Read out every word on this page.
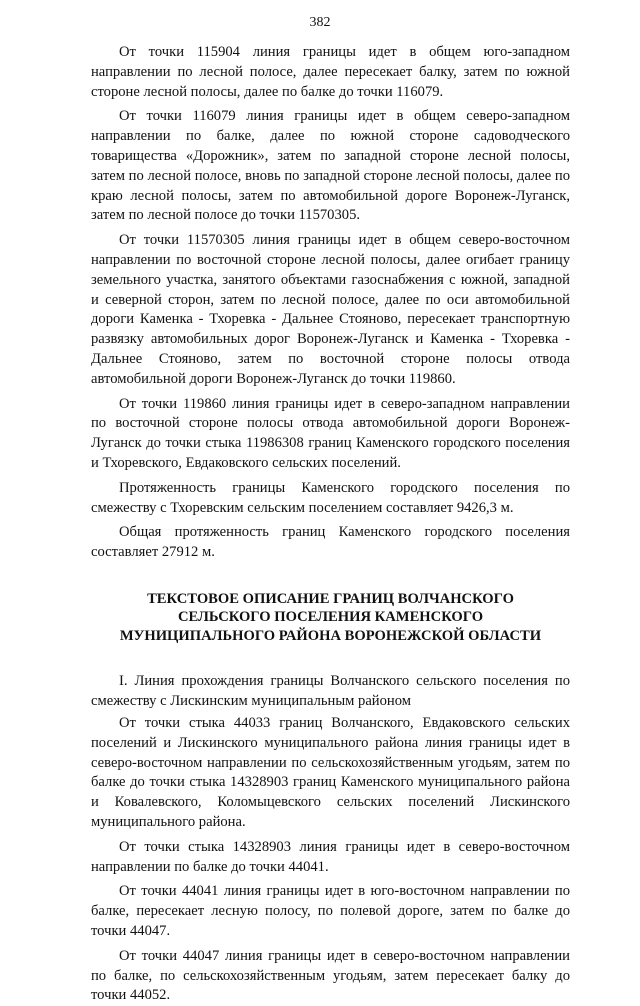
382

От точки 115904 линия границы идет в общем юго-западном направлении по лесной полосе, далее пересекает балку, затем по южной стороне лесной полосы, далее по балке до точки 116079.

От точки 116079 линия границы идет в общем северо-западном направлении по балке, далее по южной стороне садоводческого товарищества «Дорожник», затем по западной стороне лесной полосы, затем по лесной полосе, вновь по западной стороне лесной полосы, далее по краю лесной полосы, затем по автомобильной дороге Воронеж-Луганск, затем по лесной полосе до точки 11570305.

От точки 11570305 линия границы идет в общем северо-восточном направлении по восточной стороне лесной полосы, далее огибает границу земельного участка, занятого объектами газоснабжения с южной, западной и северной сторон, затем по лесной полосе, далее по оси автомобильной дороги Каменка - Тхоревка - Дальнее Стояново, пересекает транспортную развязку автомобильных дорог Воронеж-Луганск и Каменка - Тхоревка - Дальнее Стояново, затем по восточной стороне полосы отвода автомобильной дороги Воронеж-Луганск до точки 119860.

От точки 119860 линия границы идет в северо-западном направлении по восточной стороне полосы отвода автомобильной дороги Воронеж-Луганск до точки стыка 11986308 границ Каменского городского поселения и Тхоревского, Евдаковского сельских поселений.

Протяженность границы Каменского городского поселения по смежеству с Тхоревским сельским поселением составляет 9426,3 м.

Общая протяженность границ Каменского городского поселения составляет 27912 м.

ТЕКСТОВОЕ ОПИСАНИЕ ГРАНИЦ ВОЛЧАНСКОГО
СЕЛЬСКОГО ПОСЕЛЕНИЯ КАМЕНСКОГО
МУНИЦИПАЛЬНОГО РАЙОНА ВОРОНЕЖСКОЙ ОБЛАСТИ

I. Линия прохождения границы Волчанского сельского поселения по смежеству с Лискинским муниципальным районом

От точки стыка 44033 границ Волчанского, Евдаковского сельских поселений и Лискинского муниципального района линия границы идет в северо-восточном направлении по сельскохозяйственным угодьям, затем по балке до точки стыка 14328903 границ Каменского муниципального района и Ковалевского, Коломыцевского сельских поселений Лискинского муниципального района.

От точки стыка 14328903 линия границы идет в северо-восточном направлении по балке до точки 44041.

От точки 44041 линия границы идет в юго-восточном направлении по балке, пересекает лесную полосу, по полевой дороге, затем по балке до точки 44047.

От точки 44047 линия границы идет в северо-восточном направлении по балке, по сельскохозяйственным угодьям, затем пересекает балку до точки 44052.
